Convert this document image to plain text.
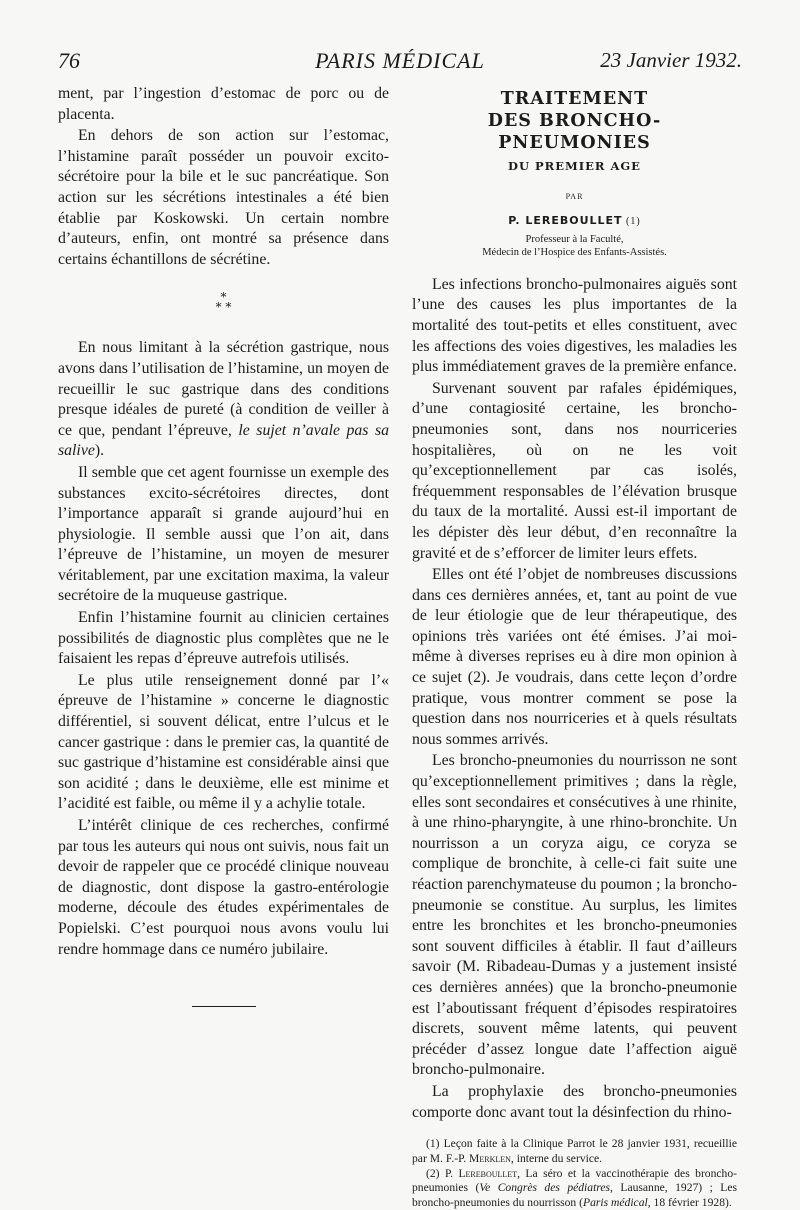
76	PARIS MÉDICAL	23 Janvier 1932.

ment, par l’ingestion d’estomac de porc ou de placenta.

En dehors de son action sur l’estomac, l’histamine paraît posséder un pouvoir excito-sécrétoire pour la bile et le suc pancréatique. Son action sur les sécrétions intestinales a été bien établie par Koskowski. Un certain nombre d’auteurs, enfin, ont montré sa présence dans certains échantillons de sécrétine.

*
* *

En nous limitant à la sécrétion gastrique, nous avons dans l’utilisation de l’histamine, un moyen de recueillir le suc gastrique dans des conditions presque idéales de pureté (à condition de veiller à ce que, pendant l’épreuve, le sujet n’avale pas sa salive).

Il semble que cet agent fournisse un exemple des substances excito-sécrétoires directes, dont l’importance apparaît si grande aujourd’hui en physiologie. Il semble aussi que l’on ait, dans l’épreuve de l’histamine, un moyen de mesurer véritablement, par une excitation maxima, la valeur secrétoire de la muqueuse gastrique.

Enfin l’histamine fournit au clinicien certaines possibilités de diagnostic plus complètes que ne le faisaient les repas d’épreuve autrefois utilisés.

Le plus utile renseignement donné par l’« épreuve de l’histamine » concerne le diagnostic différentiel, si souvent délicat, entre l’ulcus et le cancer gastrique : dans le premier cas, la quantité de suc gastrique d’histamine est considérable ainsi que son acidité ; dans le deuxième, elle est minime et l’acidité est faible, ou même il y a achylie totale.

L’intérêt clinique de ces recherches, confirmé par tous les auteurs qui nous ont suivis, nous fait un devoir de rappeler que ce procédé clinique nouveau de diagnostic, dont dispose la gastro-entérologie moderne, découle des études expérimentales de Popielski. C’est pourquoi nous avons voulu lui rendre hommage dans ce numéro jubilaire.

TRAITEMENT
DES BRONCHO-PNEUMONIES
DU PREMIER AGE
PAR
P. LEREBOULLET (1)
Professeur à la Faculté,
Médecin de l’Hospice des Enfants-Assistés.

Les infections broncho-pulmonaires aiguës sont l’une des causes les plus importantes de la mortalité des tout-petits et elles constituent, avec les affections des voies digestives, les maladies les plus immédiatement graves de la première enfance.

Survenant souvent par rafales épidémiques, d’une contagiosité certaine, les broncho-pneumonies sont, dans nos nourriceries hospitalières, où on ne les voit qu’exceptionnellement par cas isolés, fréquemment responsables de l’élévation brusque du taux de la mortalité. Aussi est-il important de les dépister dès leur début, d’en reconnaître la gravité et de s’efforcer de limiter leurs effets.

Elles ont été l’objet de nombreuses discussions dans ces dernières années, et, tant au point de vue de leur étiologie que de leur thérapeutique, des opinions très variées ont été émises. J’ai moi-même à diverses reprises eu à dire mon opinion à ce sujet (2). Je voudrais, dans cette leçon d’ordre pratique, vous montrer comment se pose la question dans nos nourriceries et à quels résultats nous sommes arrivés.

Les broncho-pneumonies du nourrisson ne sont qu’exceptionnellement primitives ; dans la règle, elles sont secondaires et consécutives à une rhinite, à une rhino-pharyngite, à une rhino-bronchite. Un nourrisson a un coryza aigu, ce coryza se complique de bronchite, à celle-ci fait suite une réaction parenchymateuse du poumon ; la broncho-pneumonie se constitue. Au surplus, les limites entre les bronchites et les broncho-pneumonies sont souvent difficiles à établir. Il faut d’ailleurs savoir (M. Ribadeau-Dumas y a justement insisté ces dernières années) que la broncho-pneumonie est l’aboutissant fréquent d’épisodes respiratoires discrets, souvent même latents, qui peuvent précéder d’assez longue date l’affection aiguë broncho-pulmonaire.

La prophylaxie des broncho-pneumonies comporte donc avant tout la désinfection du rhino-

(1) Leçon faite à la Clinique Parrot le 28 janvier 1931, recueillie par M. F.-P. Merklen, interne du service.

(2) P. Lereboullet, La séro et la vaccinothérapie des broncho-pneumonies (Ve Congrès des pédiatres, Lausanne, 1927) ; Les broncho-pneumonies du nourrisson (Paris médical, 18 février 1928).
